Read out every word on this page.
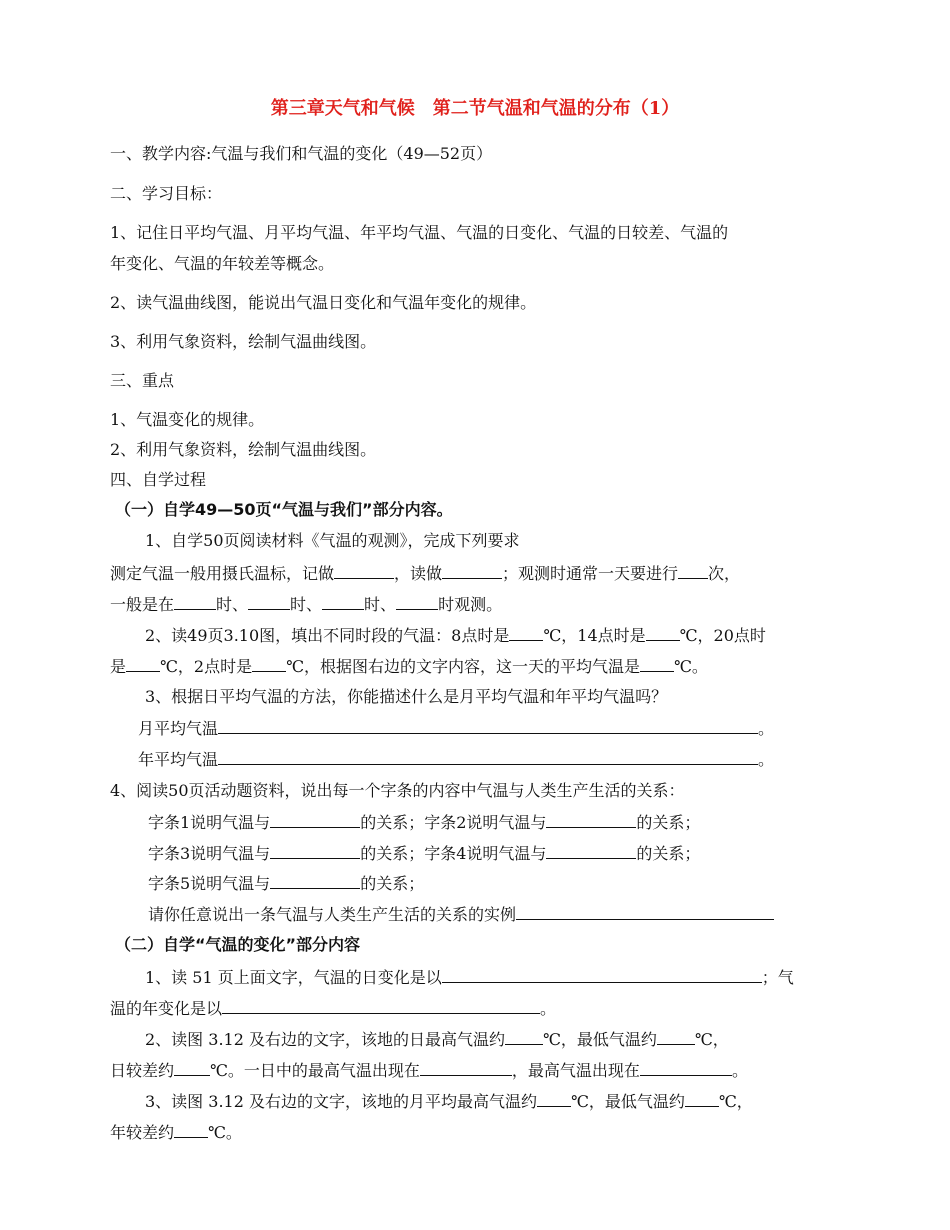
第三章天气和气候　第二节气温和气温的分布（1）
一、教学内容:气温与我们和气温的变化（49—52页）
二、学习目标：
1、记住日平均气温、月平均气温、年平均气温、气温的日变化、气温的日较差、气温的
年变化、气温的年较差等概念。
2、读气温曲线图，能说出气温日变化和气温年变化的规律。
3、利用气象资料，绘制气温曲线图。
三、重点
1、气温变化的规律。
2、利用气象资料，绘制气温曲线图。
四、自学过程
（一）自学49—50页“气温与我们”部分内容。
1、自学50页阅读材料《气温的观测》，完成下列要求
测定气温一般用摄氏温标，记做	，读做	；观测时通常一天要进行 次，
一般是在	时、	时、	时、	时观测。
2、读49页3.10图，填出不同时段的气温：8点时是 ℃，14点时是 ℃，20点时
是 ℃，2点时是 ℃，根据图右边的文字内容，这一天的平均气温是 ℃。
3、根据日平均气温的方法，你能描述什么是月平均气温和年平均气温吗？
月平均气温	。
年平均气温	。
4、阅读50页活动题资料，说出每一个字条的内容中气温与人类生产生活的关系：
字条1说明气温与	的关系；字条2说明气温与	的关系；
字条3说明气温与	的关系；字条4说明气温与	的关系；
字条5说明气温与	的关系；
请你任意说出一条气温与人类生产生活的关系的实例
（二）自学“气温的变化”部分内容
1、读 51 页上面文字，气温的日变化是以	；气
温的年变化是以	。
2、读图 3.12 及右边的文字，该地的日最高气温约 ℃，最低气温约 ℃，
日较差约 ℃。一日中的最高气温出现在	，最高气温出现在	。
3、读图 3.12 及右边的文字，该地的月平均最高气温约 ℃，最低气温约 ℃，
年较差约 ℃。
